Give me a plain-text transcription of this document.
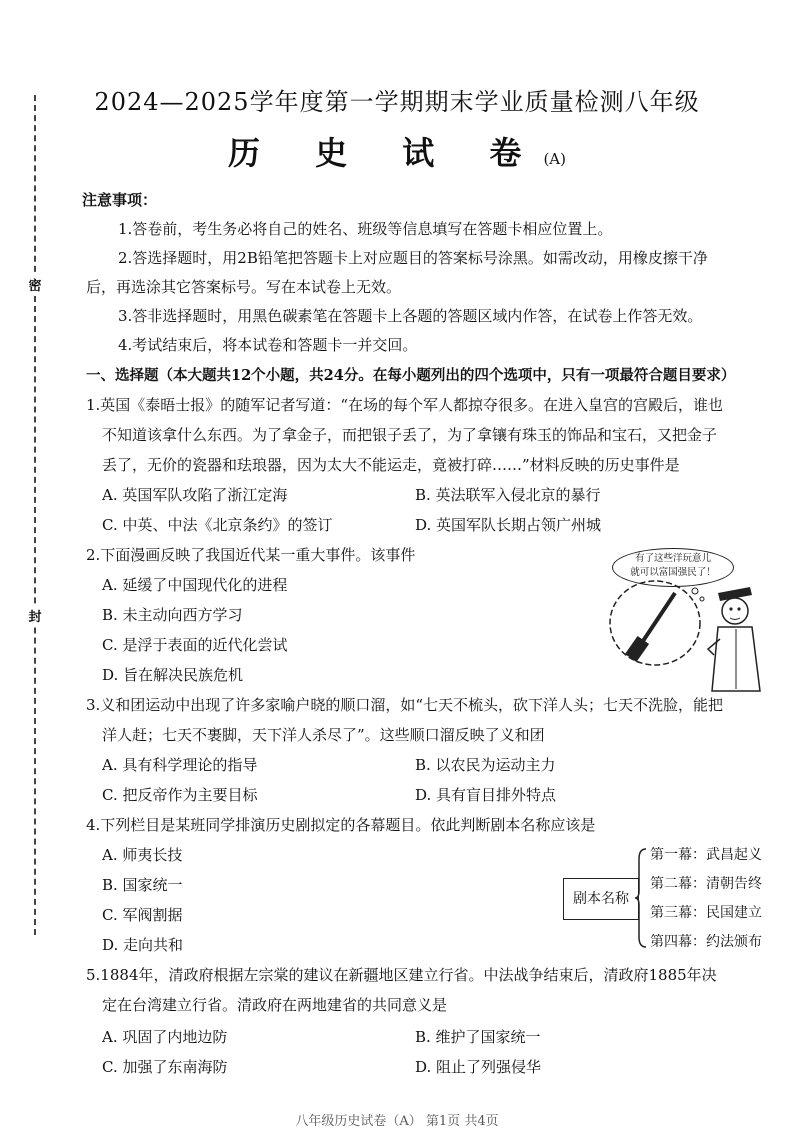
密
封
2024—2025学年度第一学期期末学业质量检测八年级
历 史 试 卷(A)
注意事项：
1.答卷前，考生务必将自己的姓名、班级等信息填写在答题卡相应位置上。
2.答选择题时，用2B铅笔把答题卡上对应题目的答案标号涂黑。如需改动，用橡皮擦干净
后，再选涂其它答案标号。写在本试卷上无效。
3.答非选择题时，用黑色碳素笔在答题卡上各题的答题区域内作答，在试卷上作答无效。
4.考试结束后，将本试卷和答题卡一并交回。
一、选择题（本大题共12个小题，共24分。在每小题列出的四个选项中，只有一项最符合题目要求）
1.英国《泰晤士报》的随军记者写道：“在场的每个军人都掠夺很多。在进入皇宫的宫殿后，谁也
不知道该拿什么东西。为了拿金子，而把银子丢了，为了拿镶有珠玉的饰品和宝石，又把金子
丢了，无价的瓷器和珐琅器，因为太大不能运走，竟被打碎……”材料反映的历史事件是
A. 英国军队攻陷了浙江定海	B. 英法联军入侵北京的暴行
C. 中英、中法《北京条约》的签订	D. 英国军队长期占领广州城
2.下面漫画反映了我国近代某一重大事件。该事件
A. 延缓了中国现代化的进程
B. 未主动向西方学习
C. 是浮于表面的近代化尝试
D. 旨在解决民族危机
有了这些洋玩意儿
就可以富国强民了！
3.义和团运动中出现了许多家喻户晓的顺口溜，如“七天不梳头，砍下洋人头；七天不洗脸，能把
洋人赶；七天不裹脚，天下洋人杀尽了”。这些顺口溜反映了义和团
A. 具有科学理论的指导	B. 以农民为运动主力
C. 把反帝作为主要目标	D. 具有盲目排外特点
4.下列栏目是某班同学排演历史剧拟定的各幕题目。依此判断剧本名称应该是
A. 师夷长技
B. 国家统一
C. 军阀割据
D. 走向共和
剧本名称
第一幕：武昌起义
第二幕：清朝告终
第三幕：民国建立
第四幕：约法颁布
5.1884年，清政府根据左宗棠的建议在新疆地区建立行省。中法战争结束后，清政府1885年决
定在台湾建立行省。清政府在两地建省的共同意义是
A. 巩固了内地边防	B. 维护了国家统一
C. 加强了东南海防	D. 阻止了列强侵华
八年级历史试卷（A） 第1页 共4页
